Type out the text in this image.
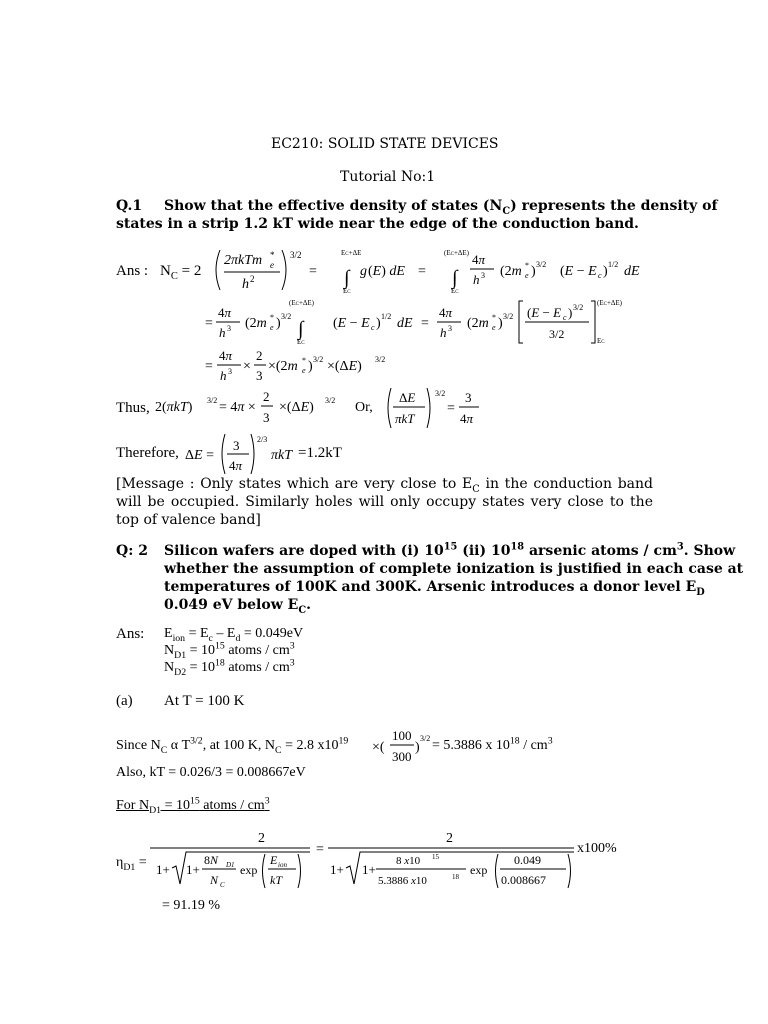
EC210: SOLID STATE DEVICES
Tutorial No:1
Q.1 Show that the effective density of states $(N_C)$ represents the density of
states in a strip 1.2 kT wide near the edge of the conduction band.
Ans : $N_C = 2$
2πkTm e
*
h 2
3/2
=
EC+ΔE
∫
EC
g (E) dE =
(EC+ΔE)
∫
EC
4π
h 3 (2m e
* ) 3/2 (E − E c ) 1/2 dE
=
4π
h 3 (2m e
* ) 3/2
(EC+ΔE)
∫
EC
(E − E c ) 1/2 dE =
4π
h 3 (2m e
* ) 3/2 (E − E c ) 3/2
3/2
(EC+ΔE)
EC
=
4π
h 3 ×
2
3
×(2m e
* ) 3/2 ×(ΔE) 3/2
Thus, 2(πkT) 3/2 = 4π ×
2
3
×(ΔE) 3/2 Or,
ΔE
πkT
3/2
=
3
4π
Therefore, ΔE =
3
4π
2/3
πkT =1.2kT
[Message : Only states which are very close to $E_C$ in the conduction band will be occupied. Similarly holes will only occupy states very close to the top of valence band]
Q: 2 Silicon wafers are doped with (i) $10^{15}$ (ii) $10^{18}$ arsenic atoms / $cm^3$. Show
whether the assumption of complete ionization is justified in each case at
temperatures of 100K and 300K. Arsenic introduces a donor level $E_D$
0.049 eV below $E_C$.
Ans: $E_{ion} = E_c - E_d = 0.049eV$
$N_{D1} = 10^{15}$ atoms / $cm^3$
$N_{D2} = 10^{18}$ atoms / $cm^3$
(a) At T = 100 K
Since $N_C$ α $T^{3/2}$, at 100 K, $N_C = 2.8$ $x10^{19}$ ×(
100
300
)
3/2 = 5.3886 x $10^{18} / cm^3$
Also, kT = 0.026/3 = 0.008667eV
For $N_{D1} = 10^{15}$ atoms / $cm^3$
$\eta_{D1}$ =
2
1+ 1+
8N D1
N C
exp
E ion
kT
=
2
1+ 1+
8 x10 15
5.3886 x10	18 exp
0.049
0.008667
x100%
= 91.19 %
